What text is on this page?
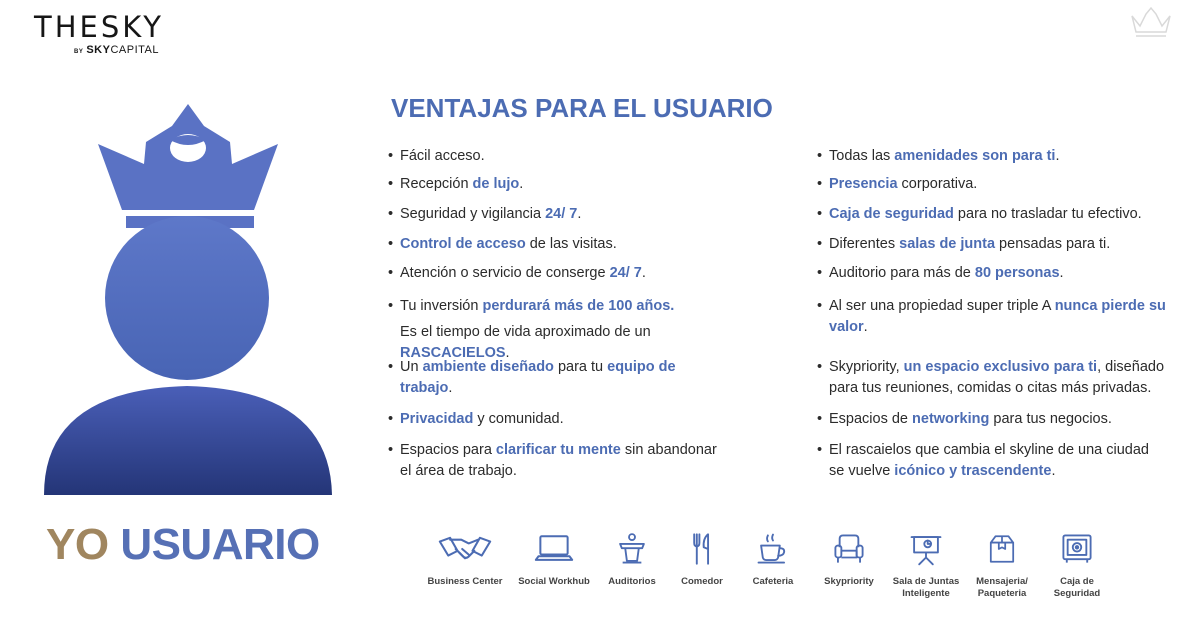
THESKY
BY SKYCAPITAL
YO USUARIO
VENTAJAS PARA EL USUARIO
• Fácil acceso.
• Recepción de lujo.
• Seguridad y vigilancia 24/ 7.
• Control de acceso de las visitas.
• Atención o servicio de conserge 24/ 7.
• Tu inversión perdurará más de 100 años.
Es el tiempo de vida aproximado de un RASCACIELOS.
• Un ambiente diseñado para tu equipo de
trabajo.
• Privacidad y comunidad.
• Espacios para clarificar tu mente sin abandonar
el área de trabajo.
• Todas las amenidades son para ti.
• Presencia corporativa.
• Caja de seguridad para no trasladar tu efectivo.
• Diferentes salas de junta pensadas para ti.
• Auditorio para más de 80 personas.
• Al ser una propiedad super triple A nunca pierde su
valor.
• Skypriority, un espacio exclusivo para ti, diseñado
para tus reuniones, comidas o citas más privadas.
• Espacios de networking para tus negocios.
• El rascaielos que cambia el skyline de una ciudad
se vuelve icónico y trascendente.
Business Center	Social Workhub	Auditorios	Comedor	Cafeteria	Skypriority	Sala de Juntas
Inteligente
Mensajeria/
Paqueteria
Caja de
Seguridad
